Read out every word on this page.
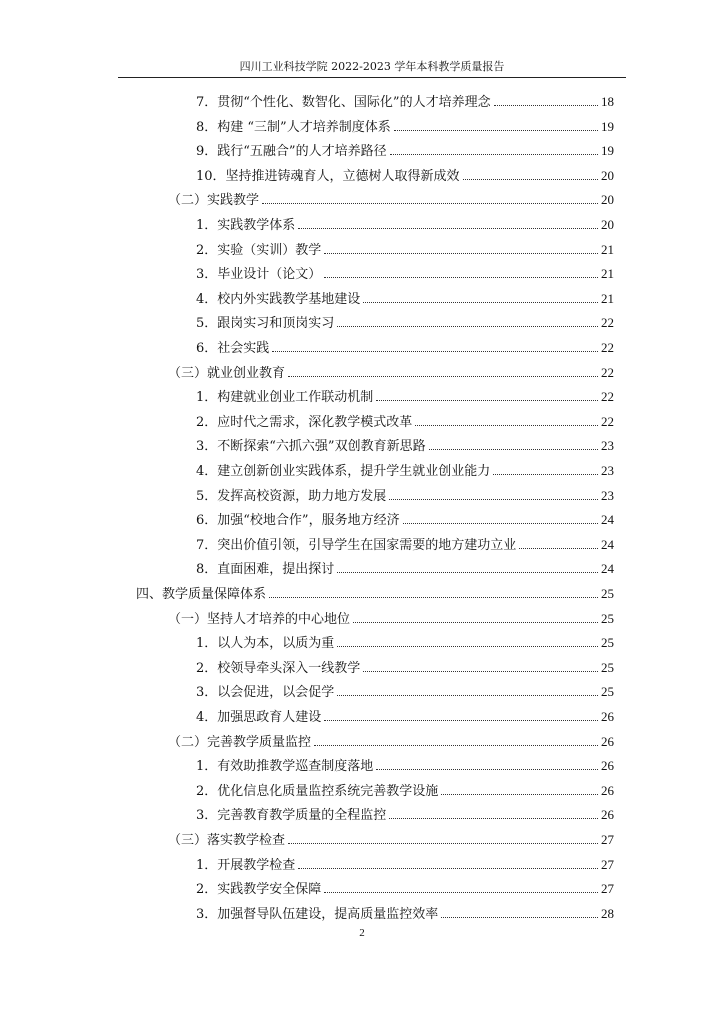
四川工业科技学院 2022-2023 学年本科教学质量报告
7．贯彻“个性化、数智化、国际化”的人才培养理念	18
8．构建 “三制”人才培养制度体系	19
9．践行“五融合”的人才培养路径	19
10．坚持推进铸魂育人，立德树人取得新成效	20
（二）实践教学	20
1．实践教学体系	20
2．实验（实训）教学	21
3．毕业设计（论文）	21
4．校内外实践教学基地建设	21
5．跟岗实习和顶岗实习	22
6．社会实践	22
（三）就业创业教育	22
1．构建就业创业工作联动机制	22
2．应时代之需求，深化教学模式改革	22
3．不断探索“六抓六强”双创教育新思路	23
4．建立创新创业实践体系，提升学生就业创业能力	23
5．发挥高校资源，助力地方发展	23
6．加强“校地合作”，服务地方经济	24
7．突出价值引领，引导学生在国家需要的地方建功立业	24
8．直面困难，提出探讨	24
四、教学质量保障体系	25
（一）坚持人才培养的中心地位	25
1．以人为本，以质为重	25
2．校领导牵头深入一线教学	25
3．以会促进，以会促学	25
4．加强思政育人建设	26
（二）完善教学质量监控	26
1．有效助推教学巡查制度落地	26
2．优化信息化质量监控系统完善教学设施	26
3．完善教育教学质量的全程监控	26
（三）落实教学检查	27
1．开展教学检查	27
2．实践教学安全保障	27
3．加强督导队伍建设，提高质量监控效率	28
2
